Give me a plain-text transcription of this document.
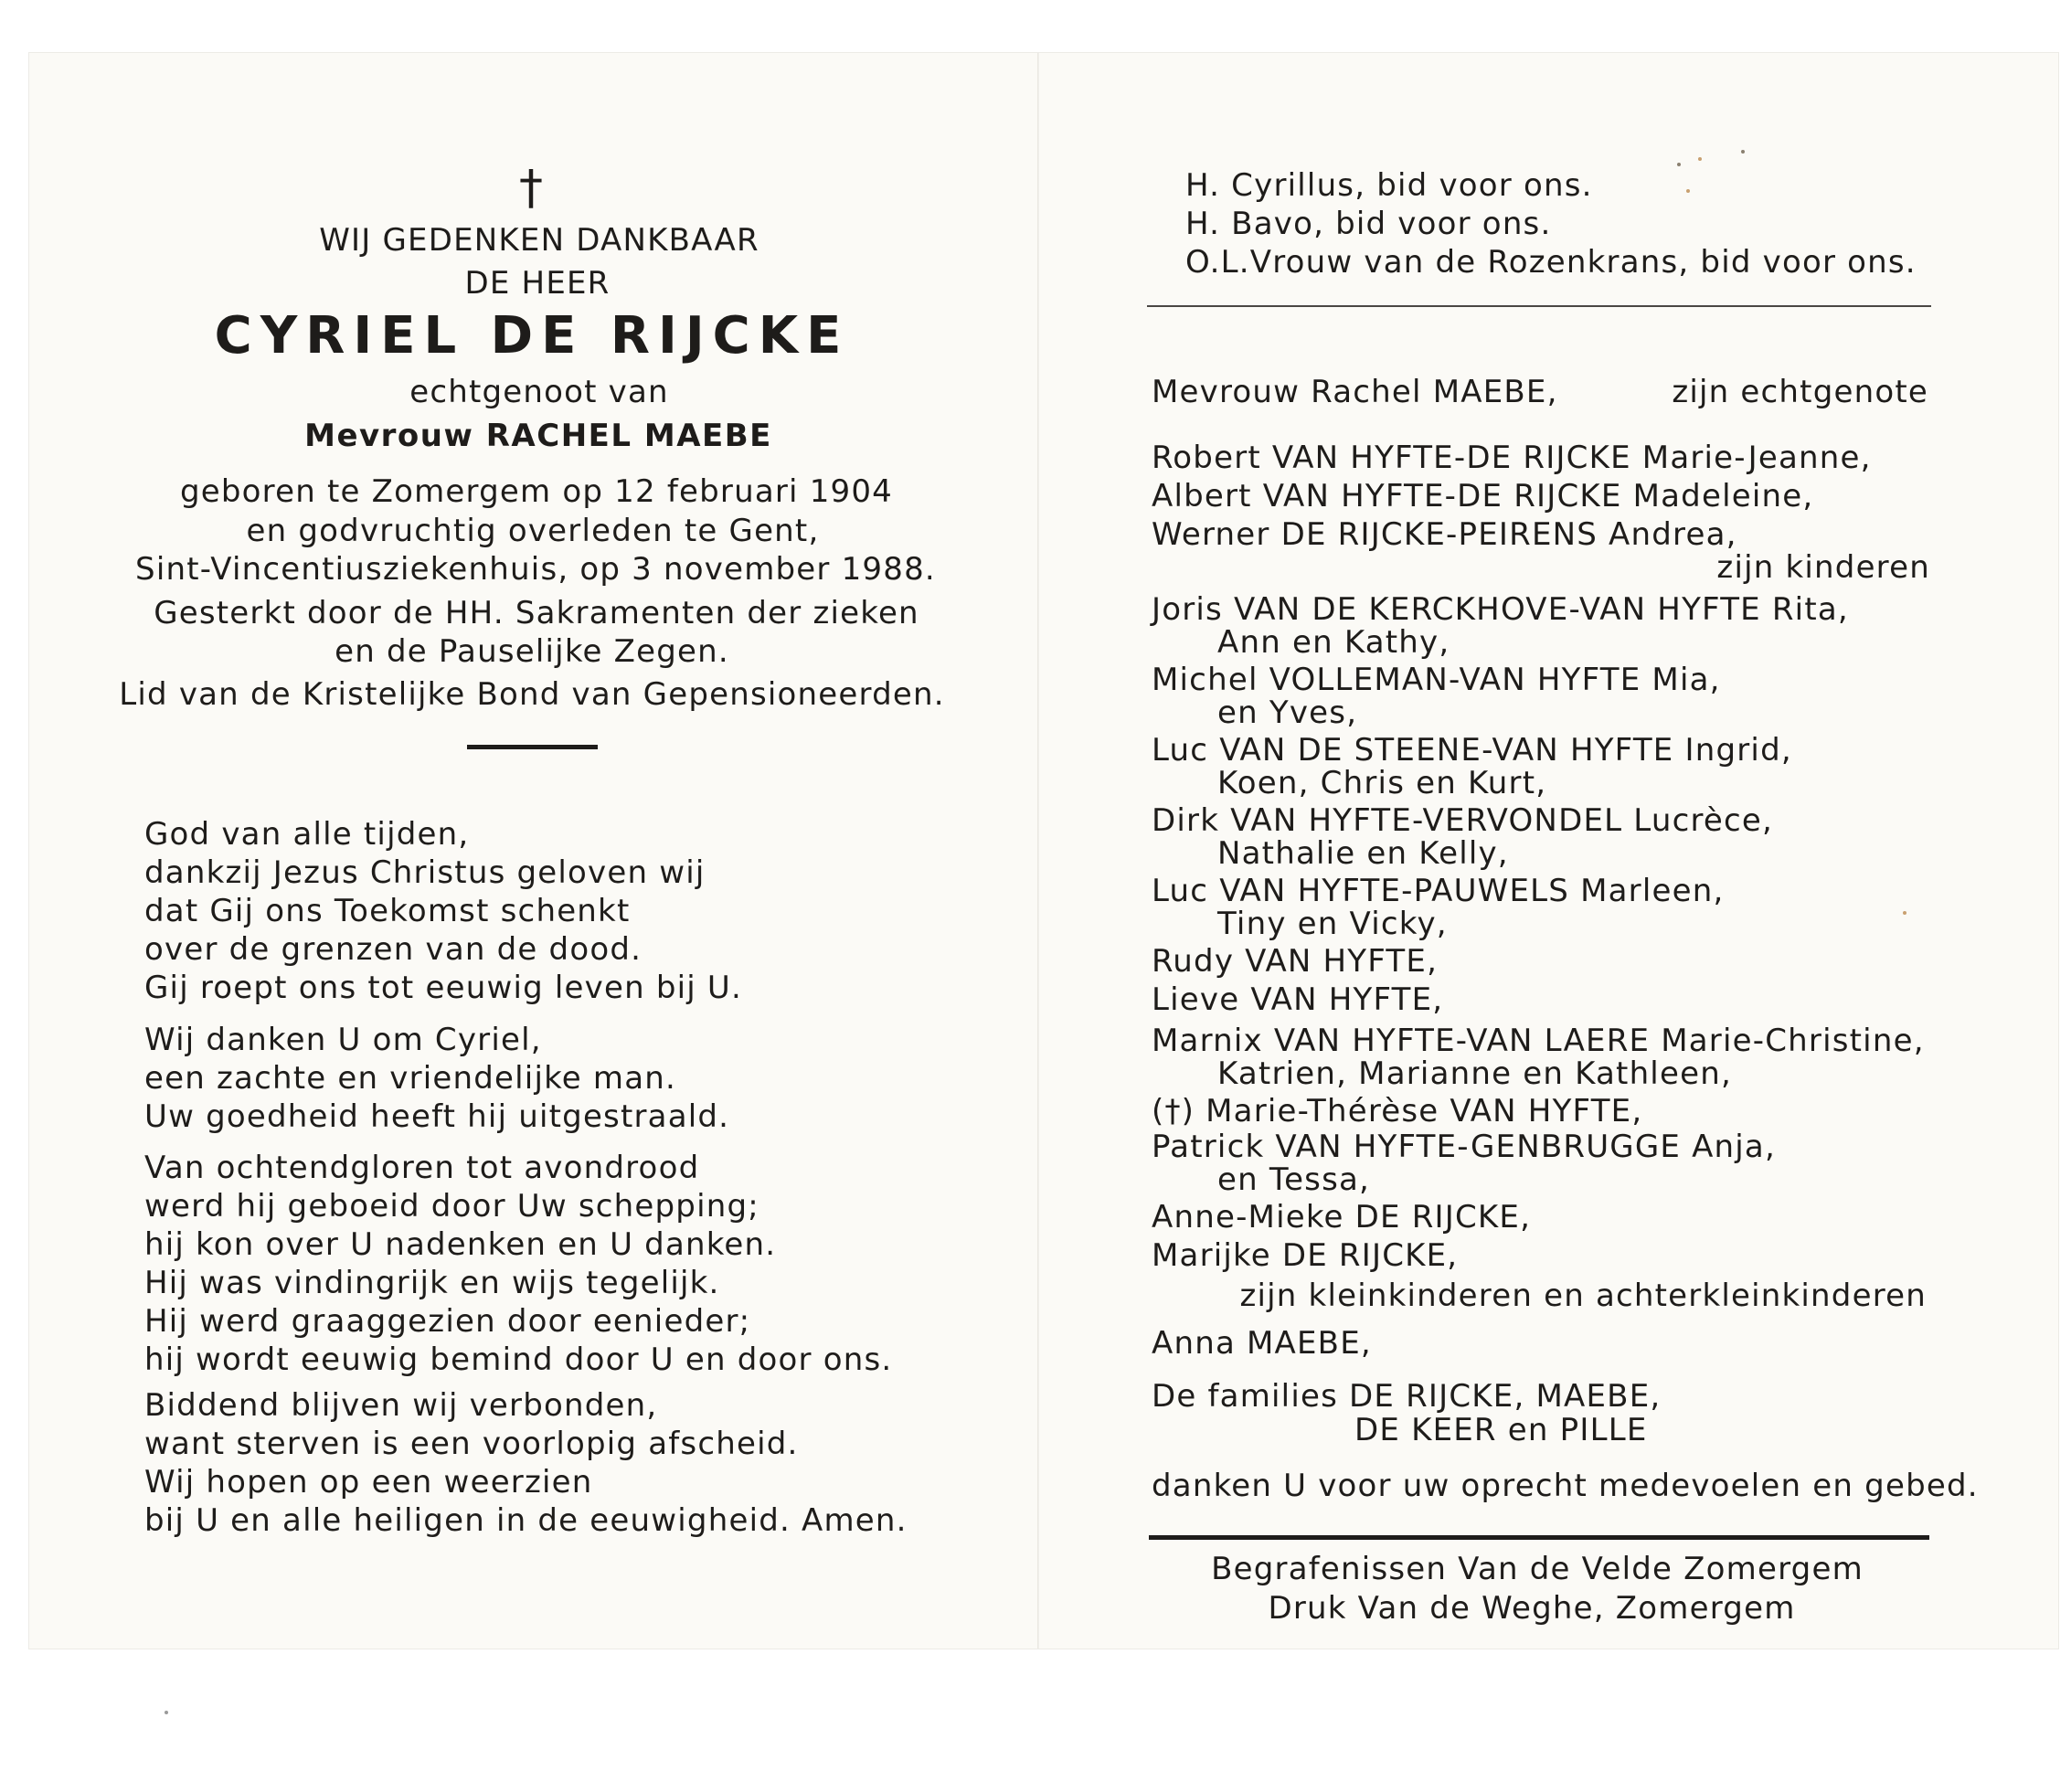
†
WIJ GEDENKEN DANKBAAR
DE HEER
CYRIEL DE RIJCKE
echtgenoot van
Mevrouw RACHEL MAEBE
geboren te Zomergem op 12 februari 1904
en godvruchtig overleden te Gent,
Sint-Vincentiusziekenhuis, op 3 november 1988.
Gesterkt door de HH. Sakramenten der zieken
en de Pauselijke Zegen.
Lid van de Kristelijke Bond van Gepensioneerden.
God van alle tijden,
dankzij Jezus Christus geloven wij
dat Gij ons Toekomst schenkt
over de grenzen van de dood.
Gij roept ons tot eeuwig leven bij U.
Wij danken U om Cyriel,
een zachte en vriendelijke man.
Uw goedheid heeft hij uitgestraald.
Van ochtendgloren tot avondrood
werd hij geboeid door Uw schepping;
hij kon over U nadenken en U danken.
Hij was vindingrijk en wijs tegelijk.
Hij werd graaggezien door eenieder;
hij wordt eeuwig bemind door U en door ons.
Biddend blijven wij verbonden,
want sterven is een voorlopig afscheid.
Wij hopen op een weerzien
bij U en alle heiligen in de eeuwigheid. Amen.
H. Cyrillus, bid voor ons.
H. Bavo, bid voor ons.
O.L.Vrouw van de Rozenkrans, bid voor ons.
Mevrouw Rachel MAEBE,	zijn echtgenote
Robert VAN HYFTE-DE RIJCKE Marie-Jeanne,
Albert VAN HYFTE-DE RIJCKE Madeleine,
Werner DE RIJCKE-PEIRENS Andrea,
zijn kinderen
Joris VAN DE KERCKHOVE-VAN HYFTE Rita,
Ann en Kathy,
Michel VOLLEMAN-VAN HYFTE Mia,
en Yves,
Luc VAN DE STEENE-VAN HYFTE Ingrid,
Koen, Chris en Kurt,
Dirk VAN HYFTE-VERVONDEL Lucrèce,
Nathalie en Kelly,
Luc VAN HYFTE-PAUWELS Marleen,
Tiny en Vicky,
Rudy VAN HYFTE,
Lieve VAN HYFTE,
Marnix VAN HYFTE-VAN LAERE Marie-Christine,
Katrien, Marianne en Kathleen,
(†) Marie-Thérèse VAN HYFTE,
Patrick VAN HYFTE-GENBRUGGE Anja,
en Tessa,
Anne-Mieke DE RIJCKE,
Marijke DE RIJCKE,
zijn kleinkinderen en achterkleinkinderen
Anna MAEBE,
De families DE RIJCKE, MAEBE,
DE KEER en PILLE
danken U voor uw oprecht medevoelen en gebed.
Begrafenissen Van de Velde Zomergem
Druk Van de Weghe, Zomergem
